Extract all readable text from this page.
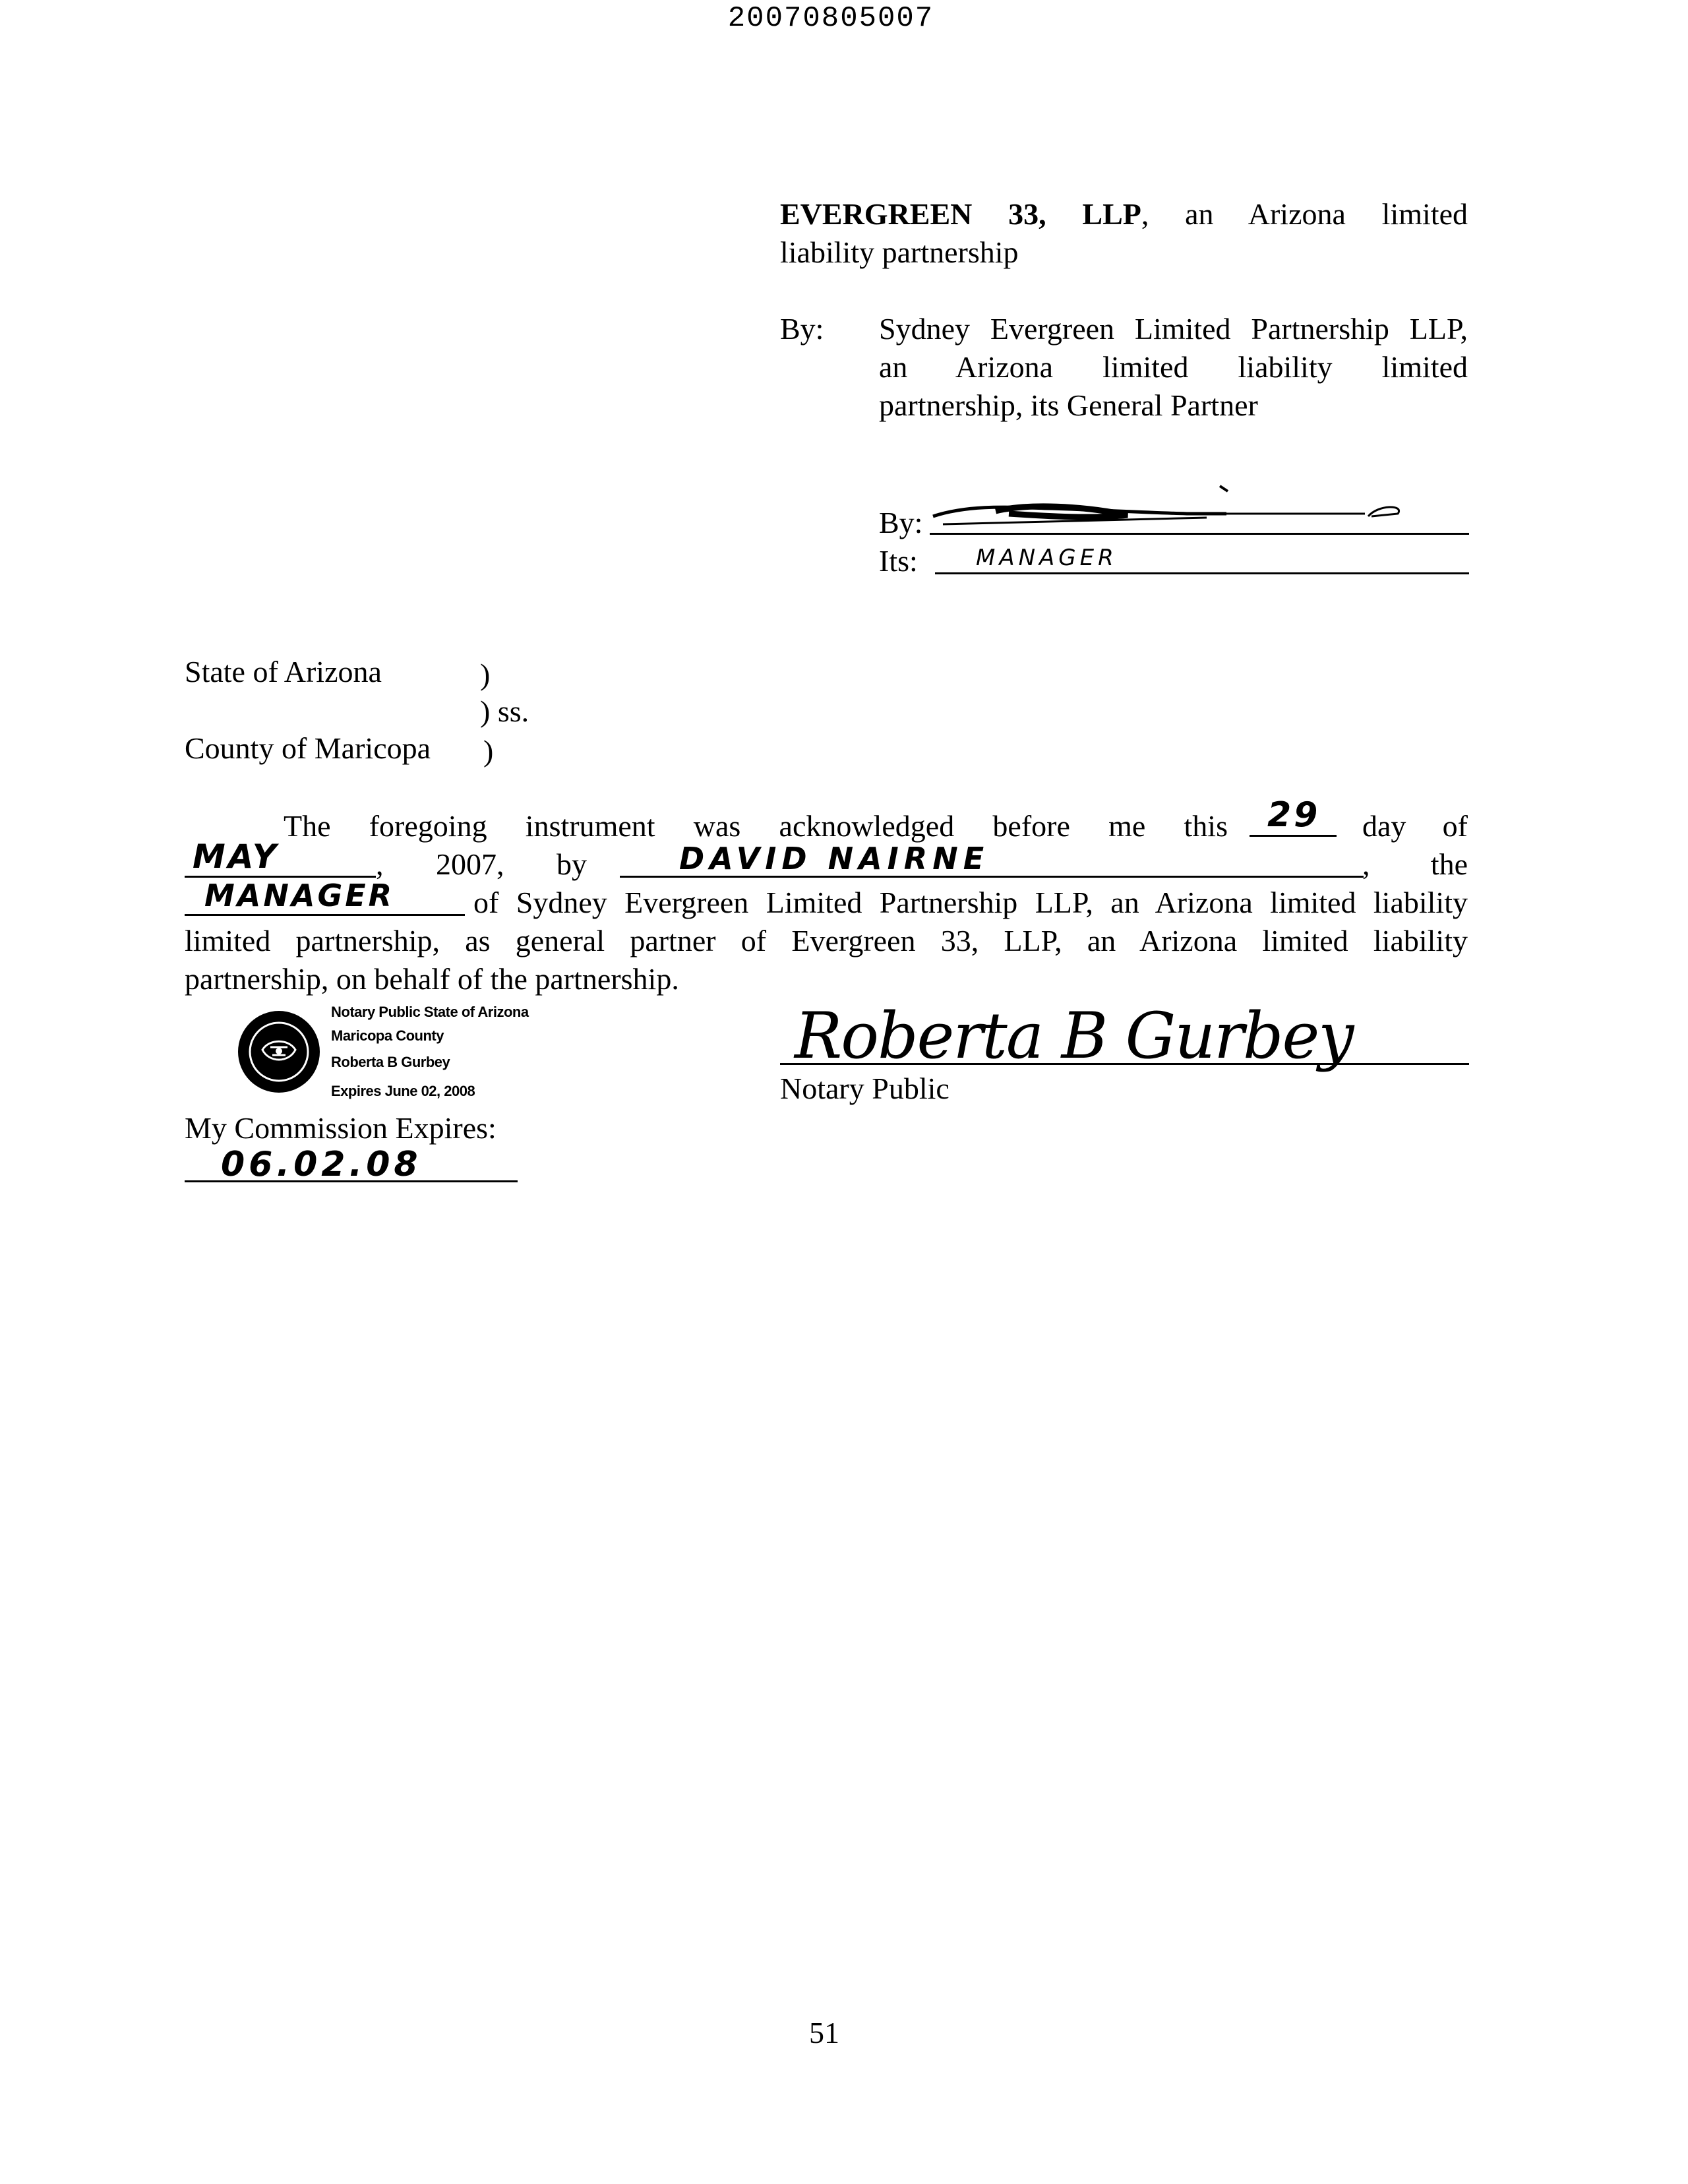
20070805007
EVERGREEN 33, LLP, an Arizona limited
liability partnership
By: Sydney Evergreen Limited Partnership LLP,
an Arizona limited liability limited
partnership, its General Partner
By:
Its:	MANAGER
State of Arizona	)
) ss.
County of Maricopa )
The foregoing instrument was acknowledged before me this 29 day of
MAY	, 2007, by	DAVID NAIRNE	, the
MANAGER	of Sydney Evergreen Limited Partnership LLP, an Arizona limited liability
limited partnership, as general partner of Evergreen 33, LLP, an Arizona limited liability
partnership, on behalf of the partnership.
Notary Public State of Arizona
Maricopa County
Roberta B Gurbey
Expires June 02, 2008
Roberta B Gurbey
Notary Public
My Commission Expires:
06.02.08
51
